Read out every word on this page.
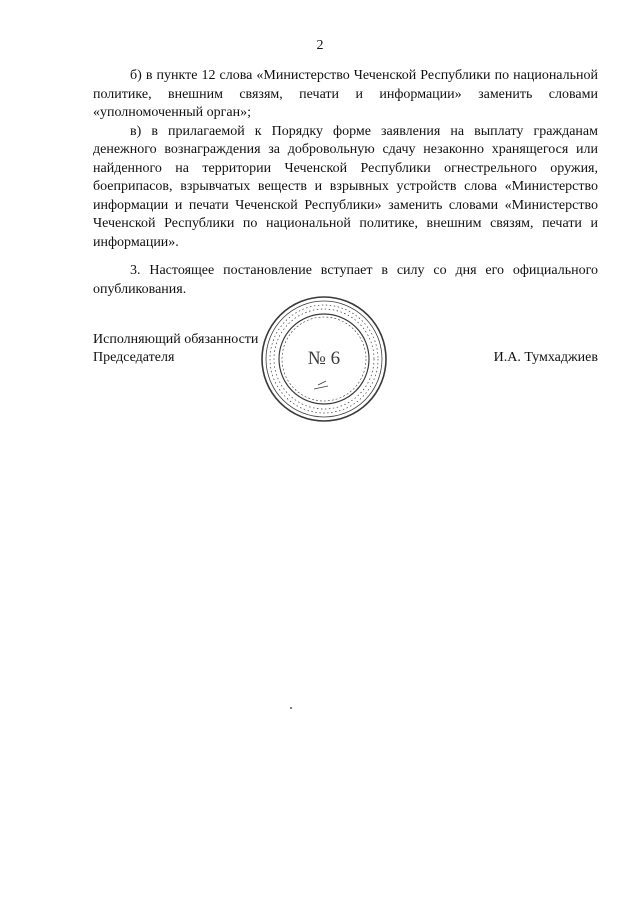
2

б) в пункте 12 слова «Министерство Чеченской Республики по национальной политике, внешним связям, печати и информации» заменить словами «уполномоченный орган»;

в) в прилагаемой к Порядку форме заявления на выплату гражданам денежного вознаграждения за добровольную сдачу незаконно хранящегося или найденного на территории Чеченской Республики огнестрельного оружия, боеприпасов, взрывчатых веществ и взрывных устройств слова «Министерство информации и печати Чеченской Республики» заменить словами «Министерство Чеченской Республики по национальной политике, внешним связям, печати и информации».

3. Настоящее постановление вступает в силу со дня его официального опубликования.

№ 6
Исполняющий обязанности
Председателя	И.А. Тумхаджиев
